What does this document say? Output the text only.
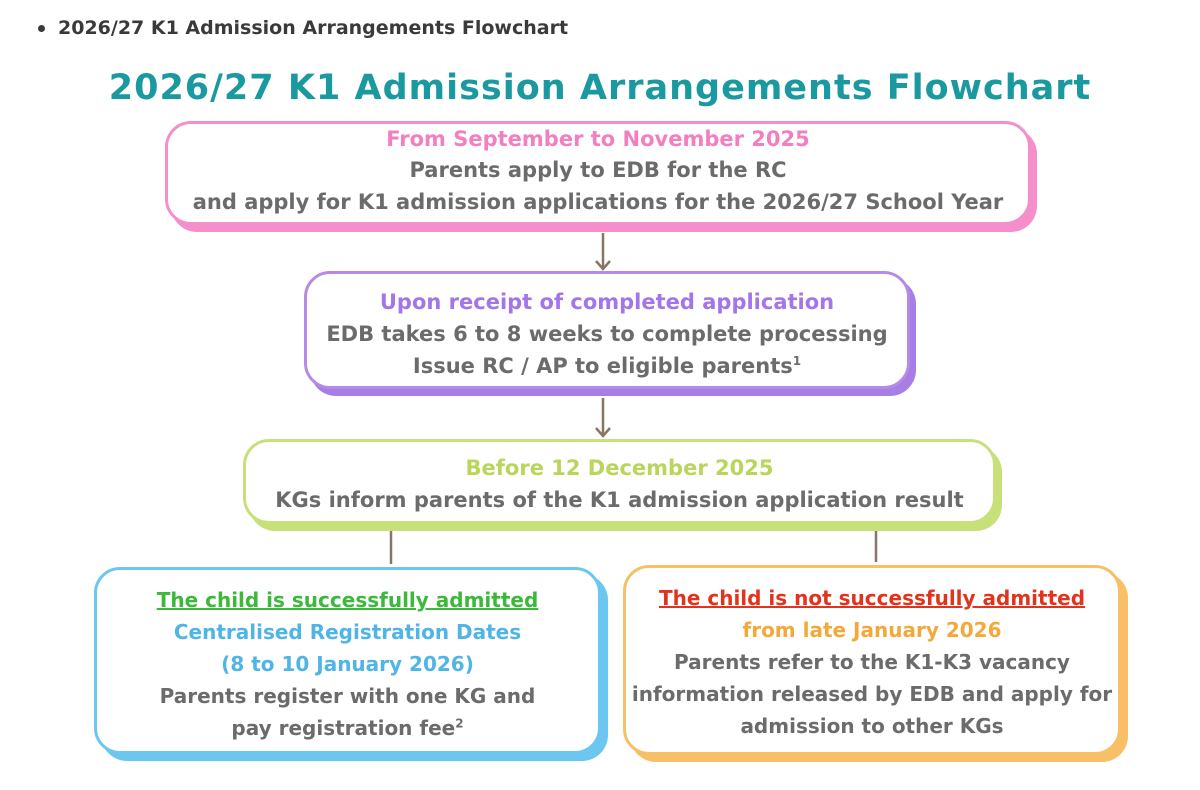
2026/27 K1 Admission Arrangements Flowchart
2026/27 K1 Admission Arrangements Flowchart
From September to November 2025
Parents apply to EDB for the RC
and apply for K1 admission applications for the 2026/27 School Year
Upon receipt of completed application
EDB takes 6 to 8 weeks to complete processing
Issue RC / AP to eligible parents$^1$
Before 12 December 2025
KGs inform parents of the K1 admission application result
The child is successfully admitted
Centralised Registration Dates
(8 to 10 January 2026)
Parents register with one KG and
pay registration fee$^2$
The child is not successfully admitted
from late January 2026
Parents refer to the K1-K3 vacancy
information released by EDB and apply for
admission to other KGs
